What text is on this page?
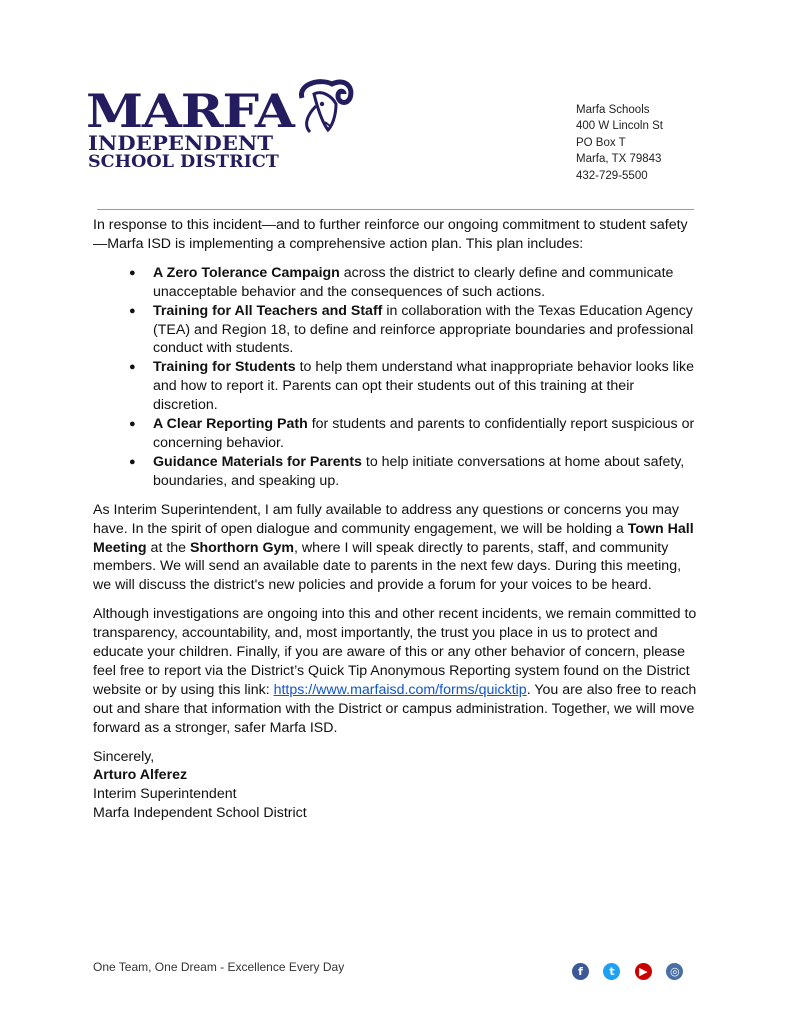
MARFA
INDEPENDENT
SCHOOL DISTRICT
Marfa Schools
400 W Lincoln St
PO Box T
Marfa, TX 79843
432-729-5500

In response to this incident—and to further reinforce our ongoing commitment to student safety—Marfa ISD is implementing a comprehensive action plan. This plan includes:

● A Zero Tolerance Campaign across the district to clearly define and communicate unacceptable behavior and the consequences of such actions.
● Training for All Teachers and Staff in collaboration with the Texas Education Agency (TEA) and Region 18, to define and reinforce appropriate boundaries and professional conduct with students.
● Training for Students to help them understand what inappropriate behavior looks like and how to report it. Parents can opt their students out of this training at their discretion.
● A Clear Reporting Path for students and parents to confidentially report suspicious or concerning behavior.
● Guidance Materials for Parents to help initiate conversations at home about safety, boundaries, and speaking up.

As Interim Superintendent, I am fully available to address any questions or concerns you may have. In the spirit of open dialogue and community engagement, we will be holding a Town Hall Meeting at the Shorthorn Gym, where I will speak directly to parents, staff, and community members. We will send an available date to parents in the next few days. During this meeting, we will discuss the district's new policies and provide a forum for your voices to be heard.

Although investigations are ongoing into this and other recent incidents, we remain committed to transparency, accountability, and, most importantly, the trust you place in us to protect and educate your children. Finally, if you are aware of this or any other behavior of concern, please feel free to report via the District’s Quick Tip Anonymous Reporting system found on the District website or by using this link: https://www.marfaisd.com/forms/quicktip. You are also free to reach out and share that information with the District or campus administration. Together, we will move forward as a stronger, safer Marfa ISD.

Sincerely,
Arturo Alferez
Interim Superintendent
Marfa Independent School District
One Team, One Dream - Excellence Every Day	f t ▶ ◎
